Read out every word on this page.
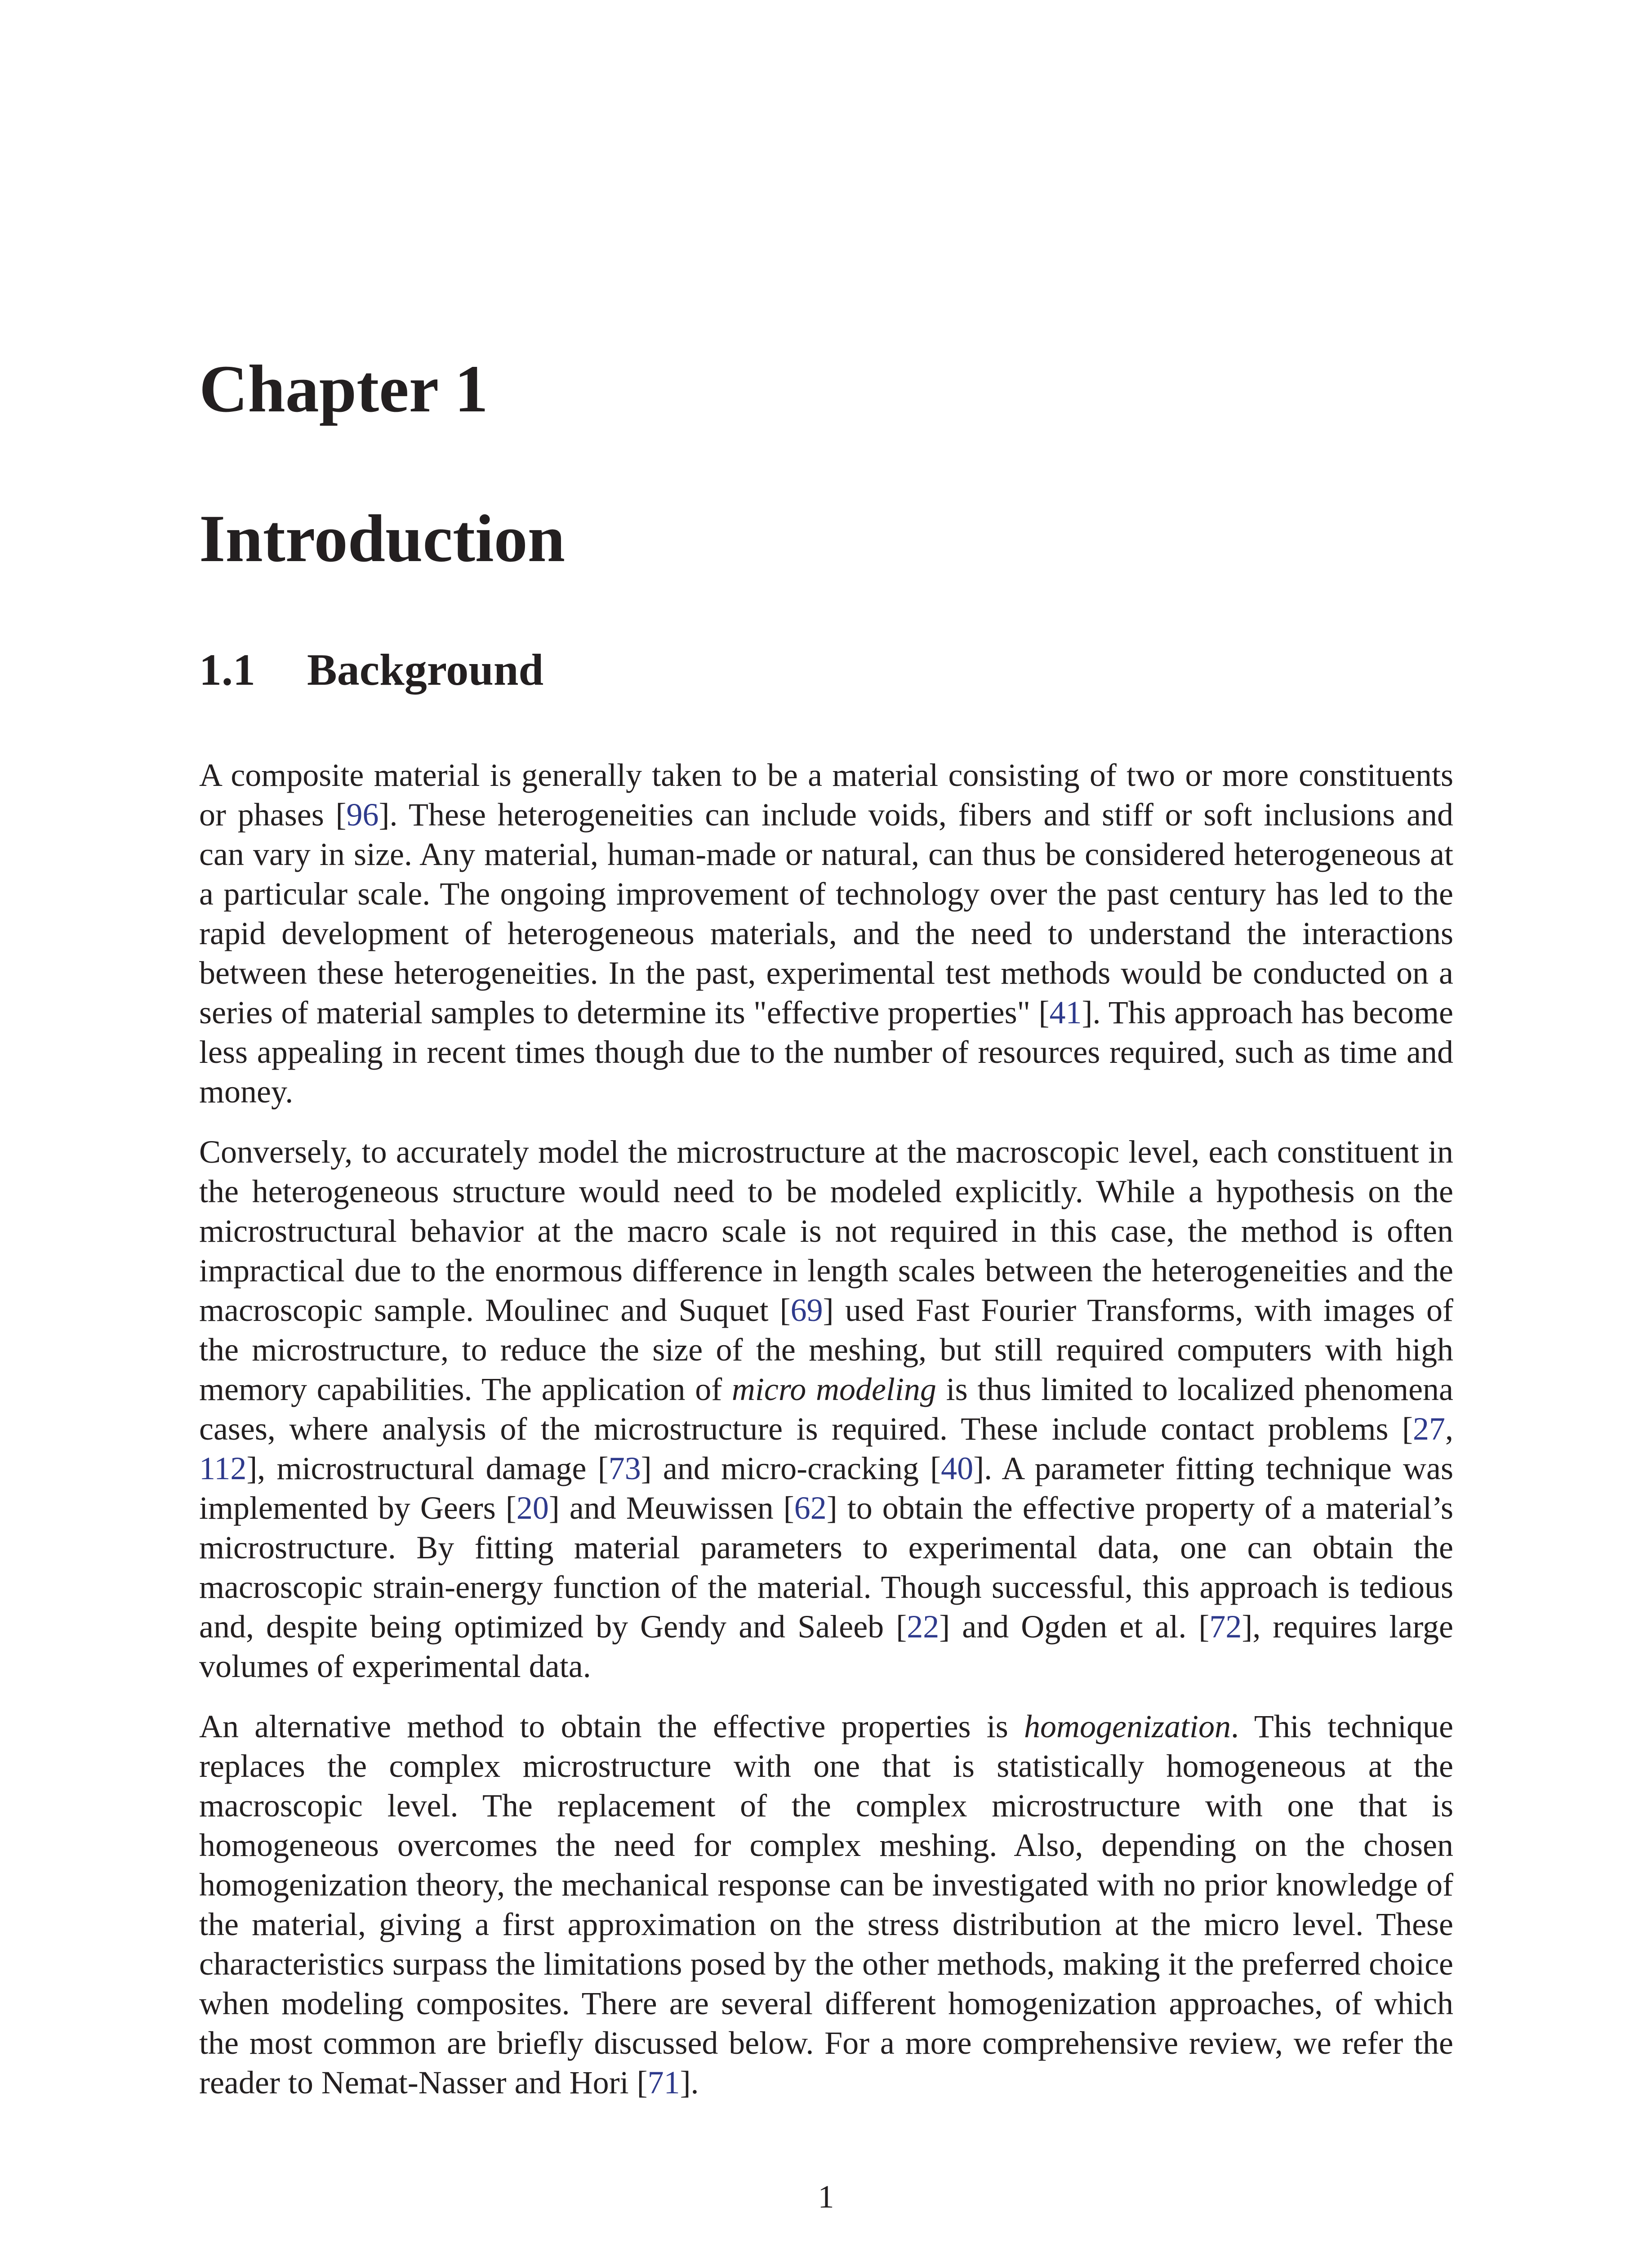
Chapter 1
Introduction
1.1 Background

A composite material is generally taken to be a material consisting of two or more constituents or phases [96]. These heterogeneities can include voids, fibers and stiff or soft inclusions and can vary in size. Any material, human-made or natural, can thus be considered heterogeneous at a particular scale. The ongoing improvement of technology over the past century has led to the rapid development of heterogeneous materials, and the need to understand the interactions between these heterogeneities. In the past, experimental test methods would be conducted on a series of material samples to determine its "effective properties" [41]. This approach has become less appealing in recent times though due to the number of resources required, such as time and money.

Conversely, to accurately model the microstructure at the macroscopic level, each constituent in the heterogeneous structure would need to be modeled explicitly. While a hypothesis on the microstructural behavior at the macro scale is not required in this case, the method is often impractical due to the enormous difference in length scales between the heterogeneities and the macroscopic sample. Moulinec and Suquet [69] used Fast Fourier Transforms, with images of the microstructure, to reduce the size of the meshing, but still required computers with high memory capabilities. The application of micro modeling is thus limited to localized phenomena cases, where analysis of the microstructure is required. These include contact problems [27, 112], microstructural damage [73] and micro-cracking [40]. A parameter fitting technique was implemented by Geers [20] and Meuwissen [62] to obtain the effective property of a material’s microstructure. By fitting material parameters to experimental data, one can obtain the macroscopic strain-energy function of the material. Though successful, this approach is tedious and, despite being optimized by Gendy and Saleeb [22] and Ogden et al. [72], requires large volumes of experimental data.

An alternative method to obtain the effective properties is homogenization. This technique replaces the complex microstructure with one that is statistically homogeneous at the macroscopic level. The replacement of the complex microstructure with one that is homogeneous overcomes the need for complex meshing. Also, depending on the chosen homogenization theory, the mechanical response can be investigated with no prior knowledge of the material, giving a first approximation on the stress distribution at the micro level. These characteristics surpass the limitations posed by the other methods, making it the preferred choice when modeling composites. There are several different homogenization approaches, of which the most common are briefly discussed below. For a more comprehensive review, we refer the reader to Nemat-Nasser and Hori [71].

1
